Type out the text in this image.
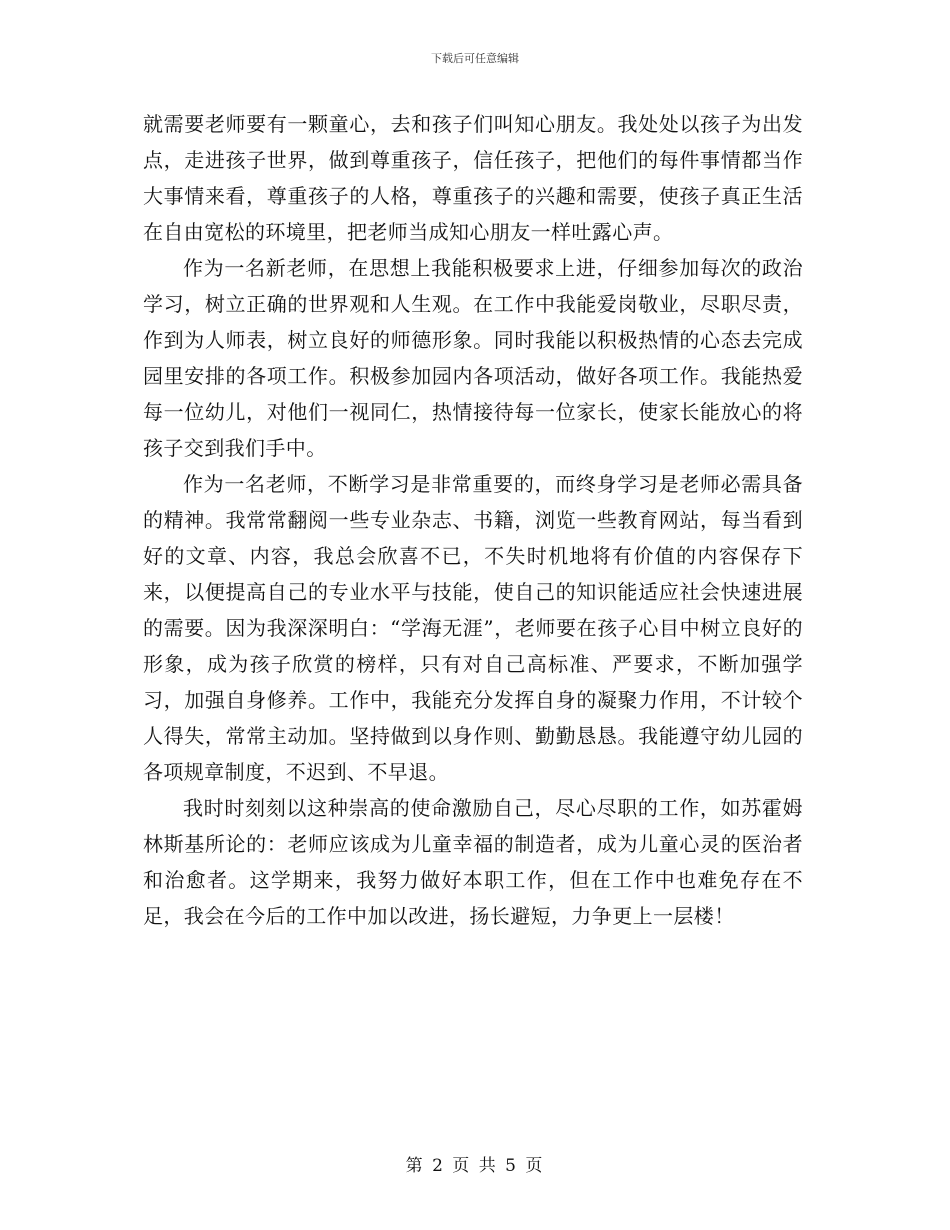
下载后可任意编辑

就需要老师要有一颗童心，去和孩子们叫知心朋友。我处处以孩子为出发点，走进孩子世界，做到尊重孩子，信任孩子，把他们的每件事情都当作大事情来看，尊重孩子的人格，尊重孩子的兴趣和需要，使孩子真正生活在自由宽松的环境里，把老师当成知心朋友一样吐露心声。

作为一名新老师，在思想上我能积极要求上进，仔细参加每次的政治学习，树立正确的世界观和人生观。在工作中我能爱岗敬业，尽职尽责，作到为人师表，树立良好的师德形象。同时我能以积极热情的心态去完成园里安排的各项工作。积极参加园内各项活动，做好各项工作。我能热爱每一位幼儿，对他们一视同仁，热情接待每一位家长，使家长能放心的将孩子交到我们手中。

作为一名老师，不断学习是非常重要的，而终身学习是老师必需具备的精神。我常常翻阅一些专业杂志、书籍，浏览一些教育网站，每当看到好的文章、内容，我总会欣喜不已，不失时机地将有价值的内容保存下来，以便提高自己的专业水平与技能，使自己的知识能适应社会快速进展的需要。因为我深深明白：“学海无涯”，老师要在孩子心目中树立良好的形象，成为孩子欣赏的榜样，只有对自己高标准、严要求，不断加强学习，加强自身修养。工作中，我能充分发挥自身的凝聚力作用，不计较个人得失，常常主动加。坚持做到以身作则、勤勤恳恳。我能遵守幼儿园的各项规章制度，不迟到、不早退。

我时时刻刻以这种崇高的使命激励自己，尽心尽职的工作，如苏霍姆林斯基所论的：老师应该成为儿童幸福的制造者，成为儿童心灵的医治者和治愈者。这学期来，我努力做好本职工作，但在工作中也难免存在不足，我会在今后的工作中加以改进，扬长避短，力争更上一层楼！

第 2 页 共 5 页
